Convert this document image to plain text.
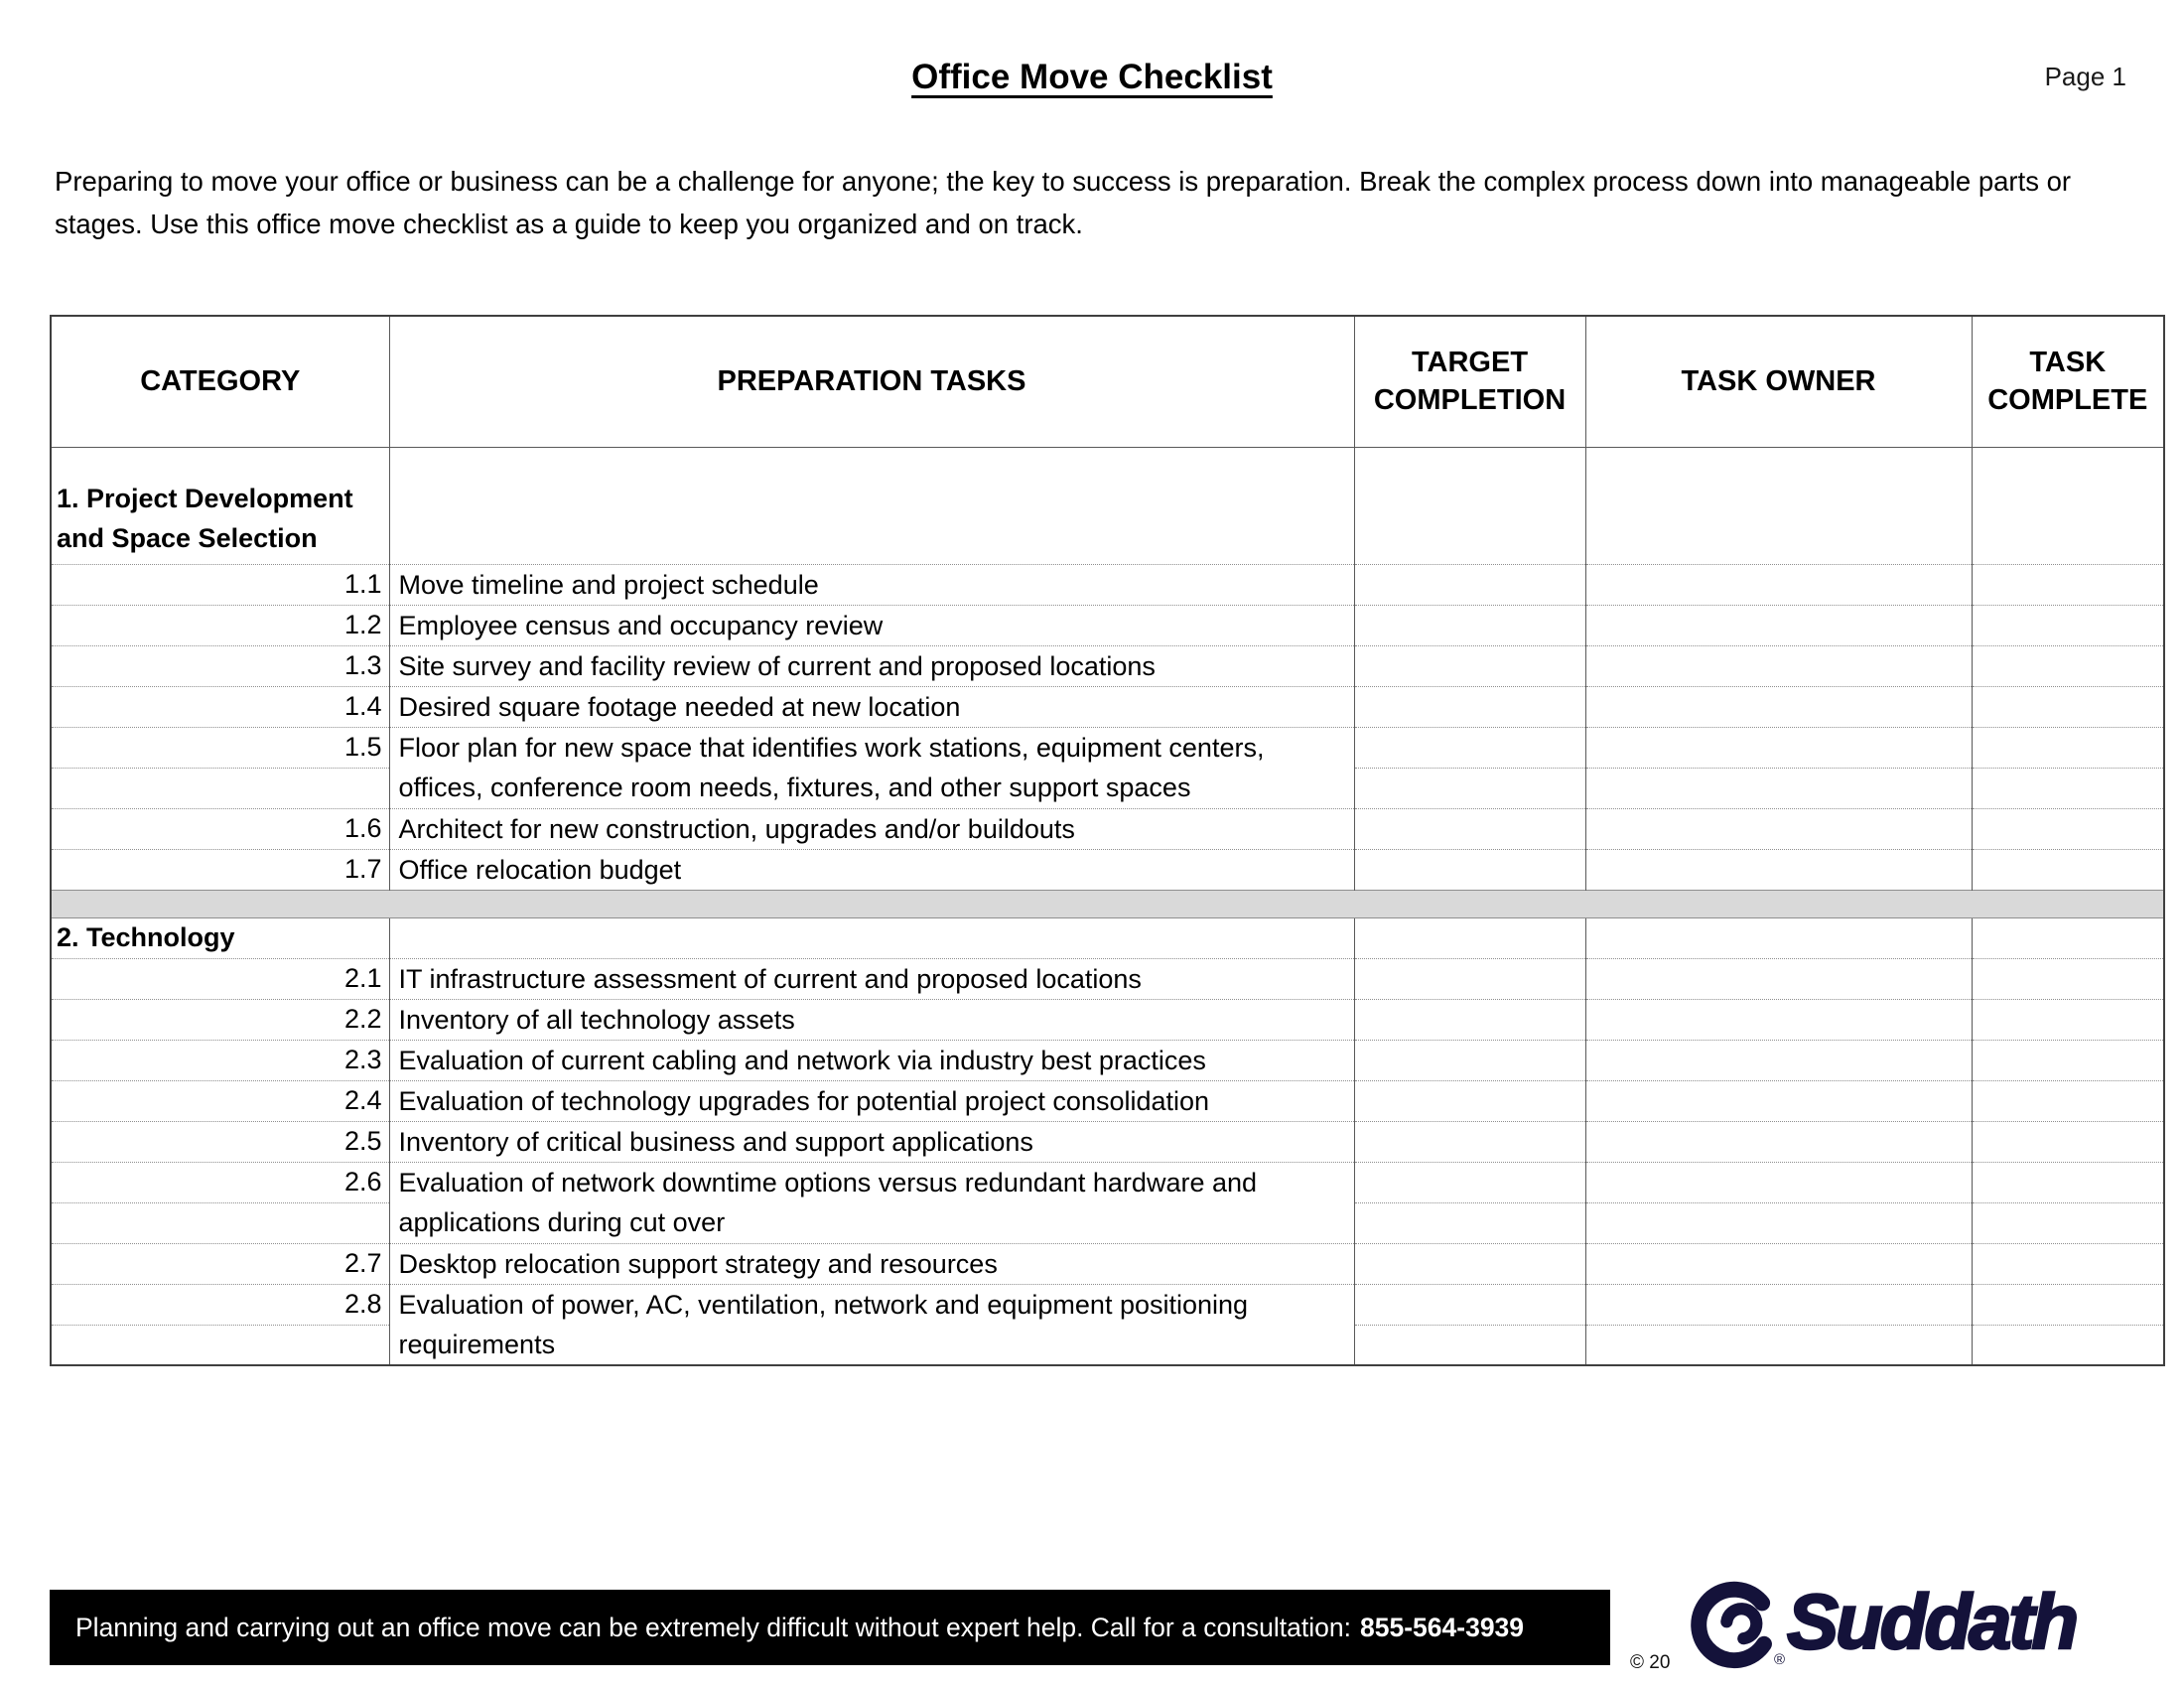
Page 1
Office Move Checklist

Preparing to move your office or business can be a challenge for anyone; the key to success is preparation. Break the complex process down into manageable parts or stages. Use this office move checklist as a guide to keep you organized and on track.

CATEGORY	PREPARATION TASKS	TARGET COMPLETION	TASK OWNER	TASK COMPLETE
1. Project Development and Space Selection				
1.1	Move timeline and project schedule			
1.2	Employee census and occupancy review			
1.3	Site survey and facility review of current and proposed locations			
1.4	Desired square footage needed at new location			
1.5	Floor plan for new space that identifies work stations, equipment centers,
offices, conference room needs, fixtures, and other support spaces			

1.6	Architect for new construction, upgrades and/or buildouts			
1.7	Office relocation budget			

2. Technology				
2.1	IT infrastructure assessment of current and proposed locations			
2.2	Inventory of all technology assets			
2.3	Evaluation of current cabling and network via industry best practices			
2.4	Evaluation of technology upgrades for potential project consolidation			
2.5	Inventory of critical business and support applications			
2.6	Evaluation of network downtime options versus redundant hardware and
applications during cut over			

2.7	Desktop relocation support strategy and resources			
2.8	Evaluation of power, AC, ventilation, network and equipment positioning
requirements			

Planning and carrying out an office move can be extremely difficult without expert help. Call for a consultation: 855-564-3939
© 20	® Suddath
